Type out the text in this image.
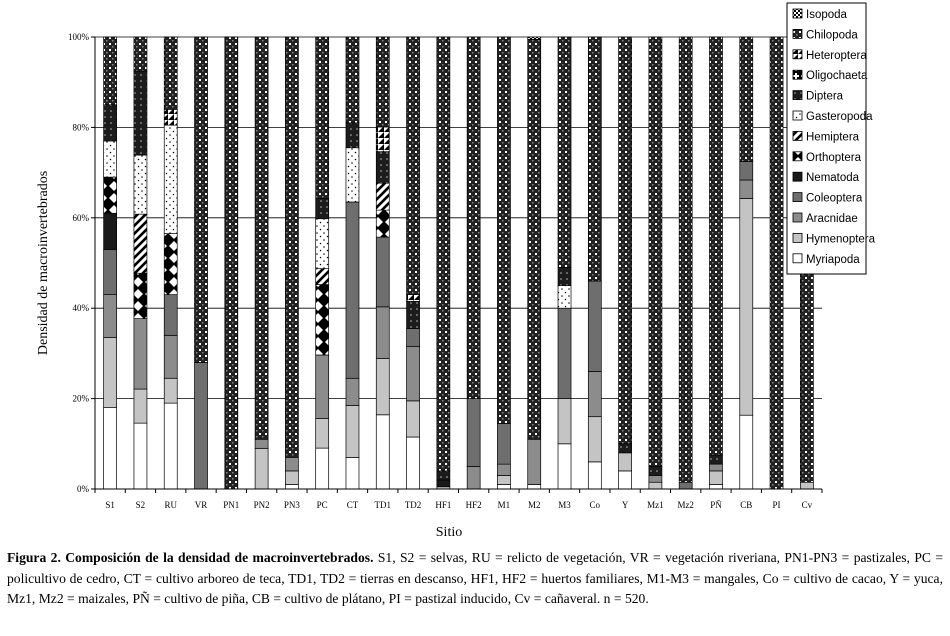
0%
20%
40%
60%
80%
100%
S1 S2 RU VR PN1 PN2 PN3 PC CT TD1 TD2 HF1 HF2 M1 M2 M3 Co Y Mz1 Mz2 PÑ CB PI Cv
Sitio
Densidad de macroinvertebrados
Isopoda
Chilopoda
Heteroptera
Oligochaeta
Diptera
Gasteropoda
Hemiptera
Orthoptera
Nematoda
Coleoptera
Aracnidae
Hymenoptera
Myriapoda
Figura 2. Composición de la densidad de macroinvertebrados. S1, S2 = selvas, RU = relicto de vegetación, VR = vegetación riveriana, PN1-PN3 = pastizales, PC = policultivo de cedro, CT = cultivo arboreo de teca, TD1, TD2 = tierras en descanso, HF1, HF2 = huertos familiares, M1-M3 = mangales, Co = cultivo de cacao, Y = yuca, Mz1, Mz2 = maizales, PÑ = cultivo de piña, CB = cultivo de plátano, PI = pastizal inducido, Cv = cañaveral. n = 520.
